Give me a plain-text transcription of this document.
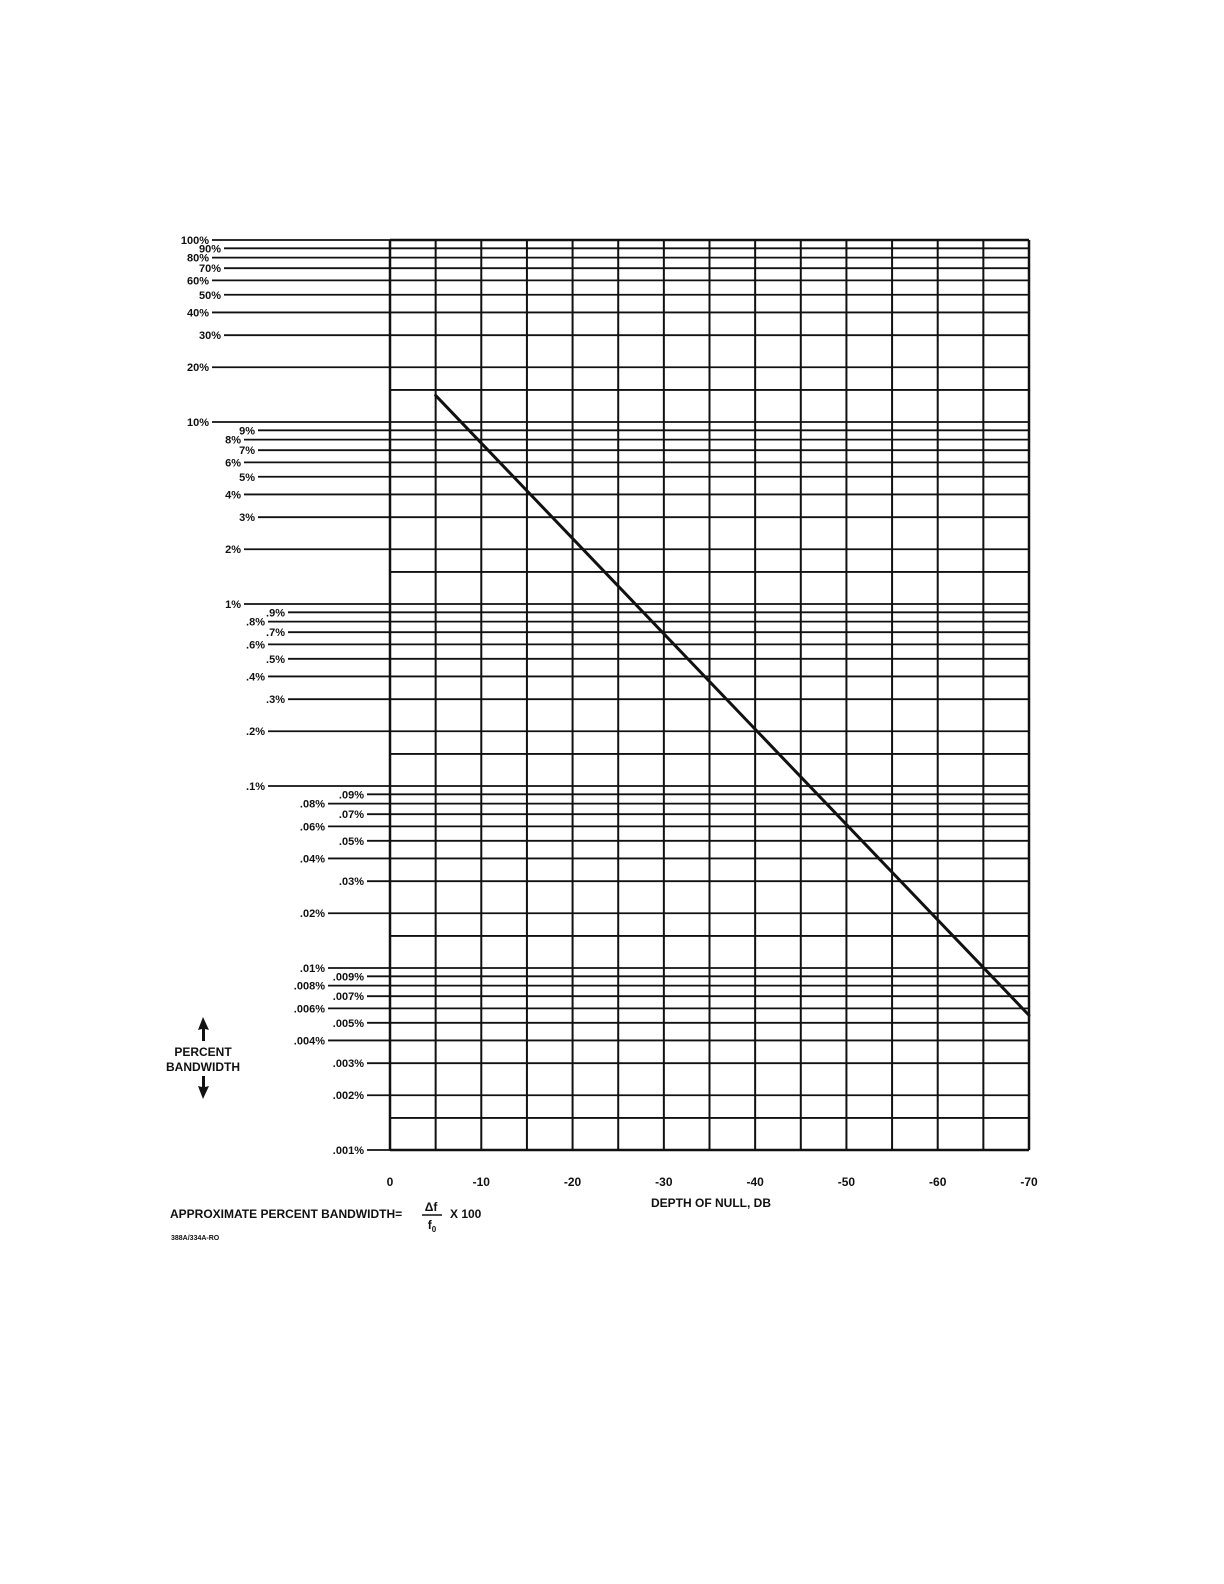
100%
90%
80%
70%
60%
50%
40%
30%
20%
10%
9%
8%
7%
6%
5%
4%
3%
2%
1%
.9%
.8%
.7%
.6%
.5%
.4%
.3%
.2%
.1%
.09%
.08%
.07%
.06%
.05%
.04%
.03%
.02%
.01%
.009%
.008%
.007%
.006%
.005%
.004%
.003%
.002%
.001%
0	-10	-20	-30	-40	-50	-60	-70
DEPTH OF NULL, DB
PERCENT
BANDWIDTH
APPROXIMATE PERCENT BANDWIDTH= Δf
$f_0$
X 100
388A/334A-RO
